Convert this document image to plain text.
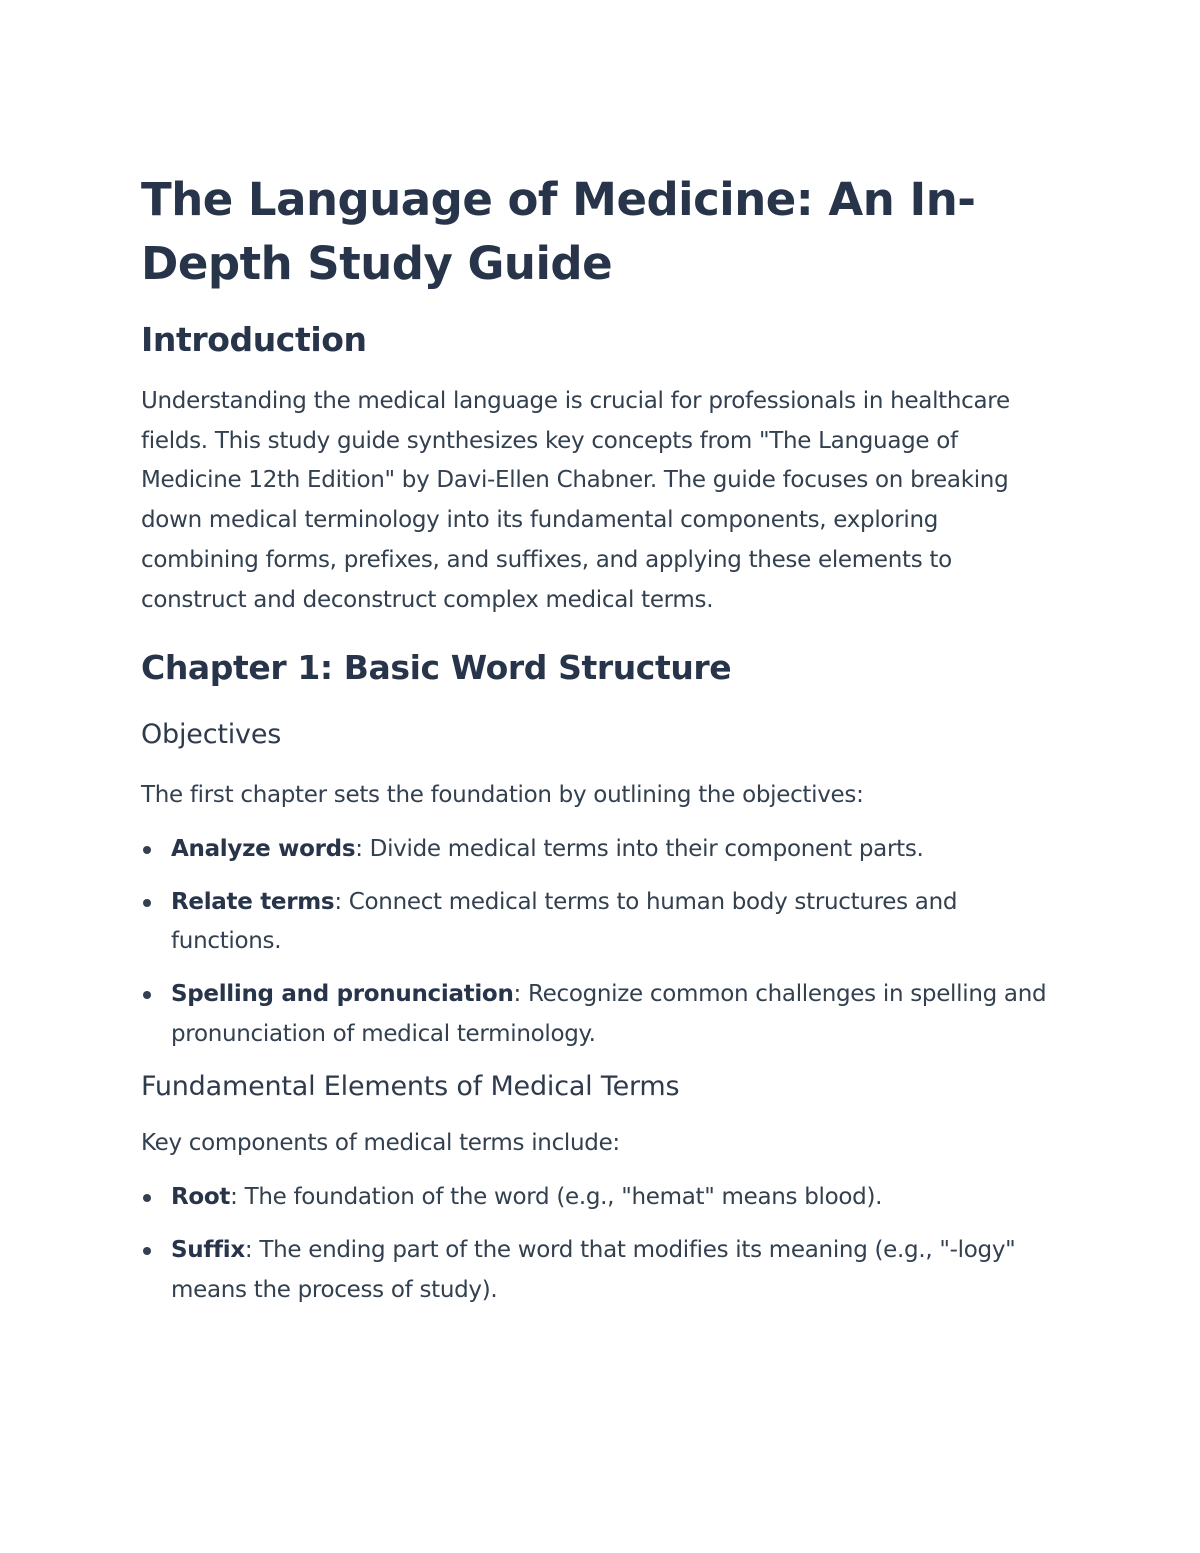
The Language of Medicine: An In-Depth Study Guide
Introduction

Understanding the medical language is crucial for professionals in healthcare fields. This study guide synthesizes key concepts from "The Language of Medicine 12th Edition" by Davi-Ellen Chabner. The guide focuses on breaking down medical terminology into its fundamental components, exploring combining forms, prefixes, and suffixes, and applying these elements to construct and deconstruct complex medical terms.

Chapter 1: Basic Word Structure
Objectives

The first chapter sets the foundation by outlining the objectives:

Analyze words: Divide medical terms into their component parts.
Relate terms: Connect medical terms to human body structures and functions.
Spelling and pronunciation: Recognize common challenges in spelling and pronunciation of medical terminology.
Fundamental Elements of Medical Terms

Key components of medical terms include:

Root: The foundation of the word (e.g., "hemat" means blood).
Suffix: The ending part of the word that modifies its meaning (e.g., "-logy" means the process of study).
